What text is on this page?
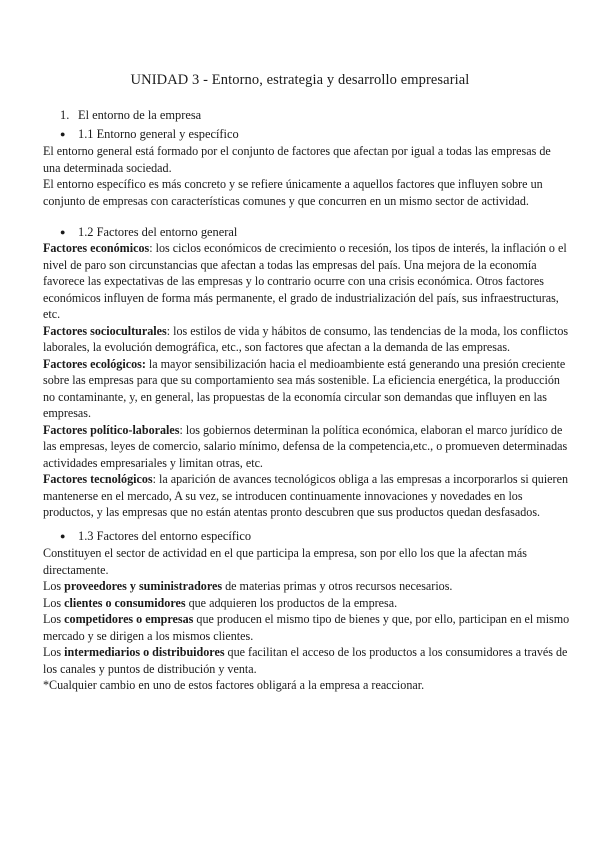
UNIDAD 3 - Entorno, estrategia y desarrollo empresarial
1. El entorno de la empresa
● 1.1 Entorno general y específico

El entorno general está formado por el conjunto de factores que afectan por igual a todas las empresas de una determinada sociedad.

El entorno específico es más concreto y se refiere únicamente a aquellos factores que influyen sobre un conjunto de empresas con características comunes y que concurren en un mismo sector de actividad.

● 1.2 Factores del entorno general

Factores económicos: los ciclos económicos de crecimiento o recesión, los tipos de interés, la inflación o el nivel de paro son circunstancias que afectan a todas las empresas del país. Una mejora de la economía favorece las expectativas de las empresas y lo contrario ocurre con una crisis económica. Otros factores económicos influyen de forma más permanente, el grado de industrialización del país, sus infraestructuras, etc.

Factores socioculturales: los estilos de vida y hábitos de consumo, las tendencias de la moda, los conflictos laborales, la evolución demográfica, etc., son factores que afectan a la demanda de las empresas.

Factores ecológicos: la mayor sensibilización hacia el medioambiente está generando una presión creciente sobre las empresas para que su comportamiento sea más sostenible. La eficiencia energética, la producción no contaminante, y, en general, las propuestas de la economía circular son demandas que influyen en las empresas.

Factores político-laborales: los gobiernos determinan la política económica, elaboran el marco jurídico de las empresas, leyes de comercio, salario mínimo, defensa de la competencia,etc., o promueven determinadas actividades empresariales y limitan otras, etc.

Factores tecnológicos: la aparición de avances tecnológicos obliga a las empresas a incorporarlos si quieren mantenerse en el mercado, A su vez, se introducen continuamente innovaciones y novedades en los productos, y las empresas que no están atentas pronto descubren que sus productos quedan desfasados.

● 1.3 Factores del entorno específico

Constituyen el sector de actividad en el que participa la empresa, son por ello los que la afectan más directamente.

Los proveedores y suministradores de materias primas y otros recursos necesarios.

Los clientes o consumidores que adquieren los productos de la empresa.

Los competidores o empresas que producen el mismo tipo de bienes y que, por ello, participan en el mismo mercado y se dirigen a los mismos clientes.

Los intermediarios o distribuidores que facilitan el acceso de los productos a los consumidores a través de los canales y puntos de distribución y venta.

*Cualquier cambio en uno de estos factores obligará a la empresa a reaccionar.
